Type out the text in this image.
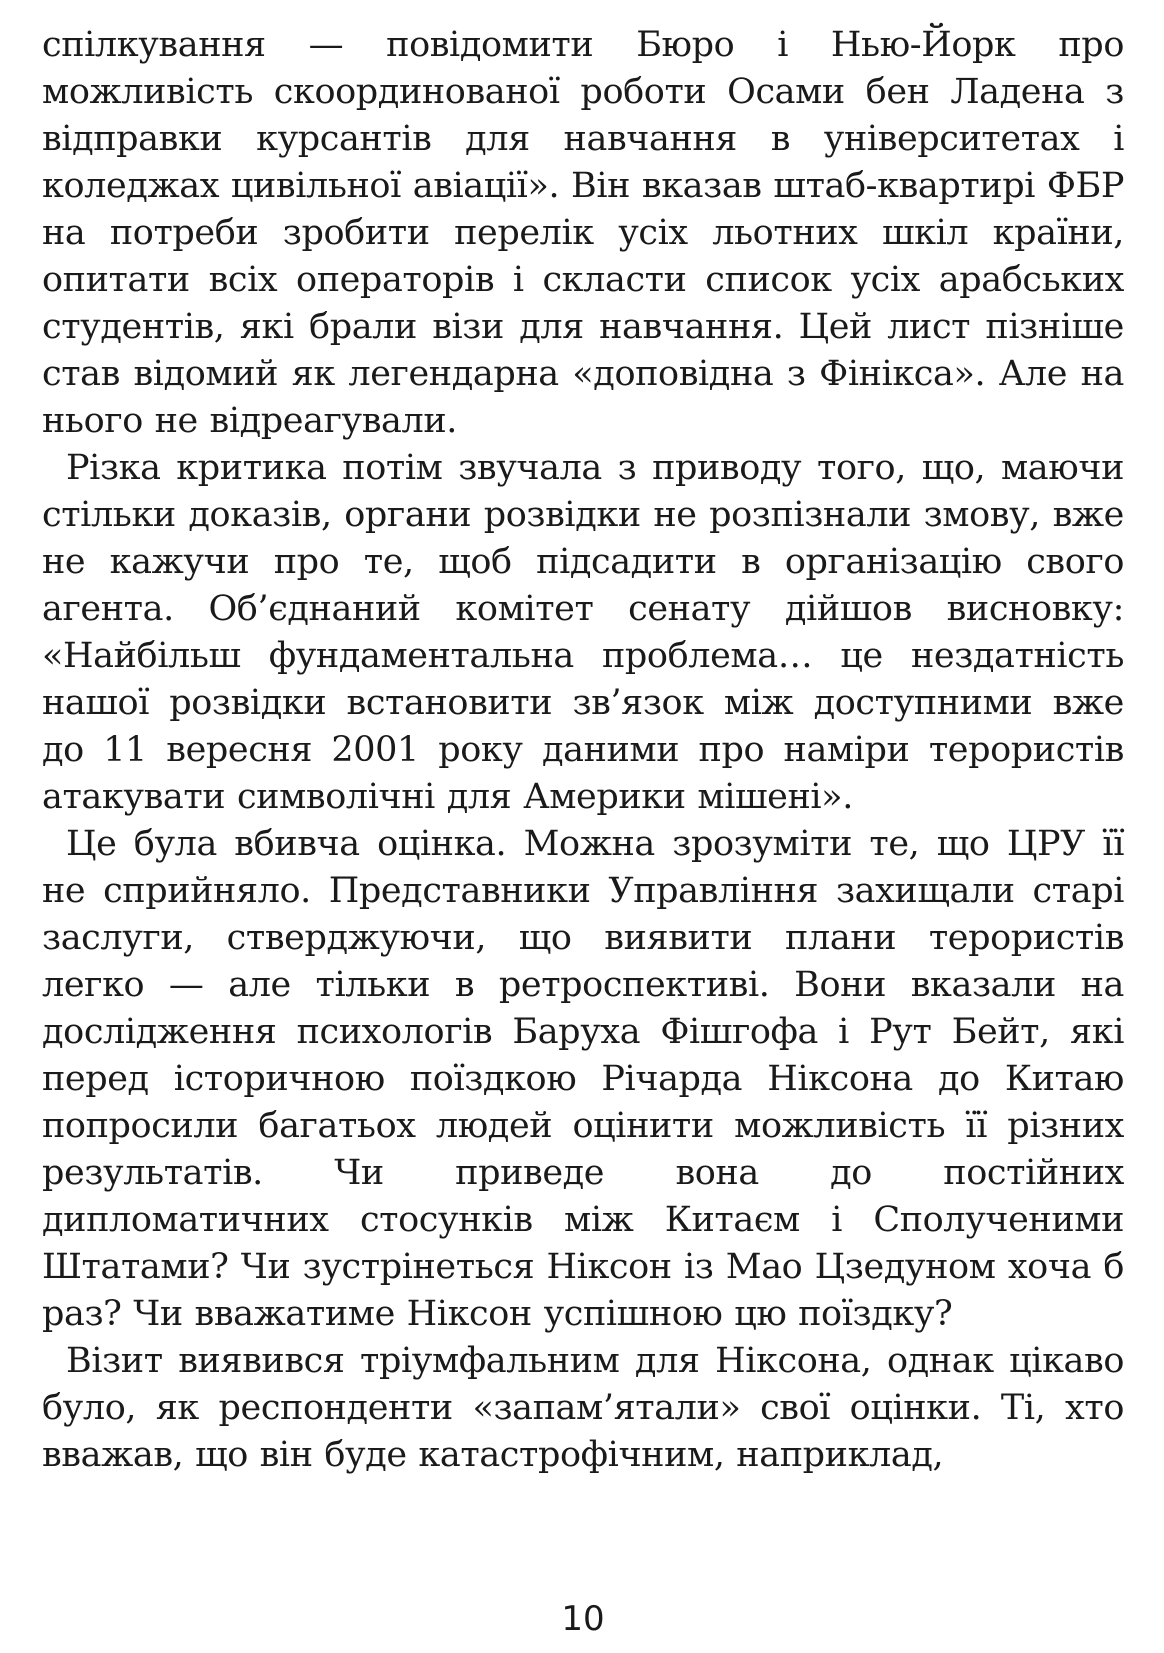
спілкування — повідомити Бюро і Нью-Йорк про можливість скоординованої роботи Осами бен Ладена з відправки курсантів для навчання в університетах і коледжах цивільної авіації». Він вказав штаб-квартирі ФБР на потреби зробити перелік усіх льотних шкіл країни, опитати всіх операторів і скласти список усіх арабських студентів, які брали візи для навчання. Цей лист пізніше став відомий як легендарна «доповідна з Фінікса». Але на нього не відреагували.

Різка критика потім звучала з приводу того, що, маючи стільки доказів, органи розвідки не розпізнали змову, вже не кажучи про те, щоб підсадити в організацію свого агента. Об’єднаний комітет сенату дійшов висновку: «Найбільш фундаментальна проблема… це нездатність нашої розвідки встановити зв’язок між доступними вже до 11 вересня 2001 року даними про наміри терористів атакувати символічні для Америки мішені».

Це була вбивча оцінка. Можна зрозуміти те, що ЦРУ її не сприйняло. Представники Управління захищали старі заслуги, стверджуючи, що виявити плани терористів легко — але тільки в ретроспективі. Вони вказали на дослідження психологів Баруха Фішгофа і Рут Бейт, які перед історичною поїздкою Річарда Ніксона до Китаю попросили багатьох людей оцінити можливість її різних результатів. Чи приведе вона до постійних дипломатичних стосунків між Китаєм і Сполученими Штатами? Чи зустрінеться Ніксон із Мао Цзедуном хоча б раз? Чи вважатиме Ніксон успішною цю поїздку?

Візит виявився тріумфальним для Ніксона, однак цікаво було, як респонденти «запам’ятали» свої оцінки. Ті, хто вважав, що він буде катастрофічним, наприклад,

10
